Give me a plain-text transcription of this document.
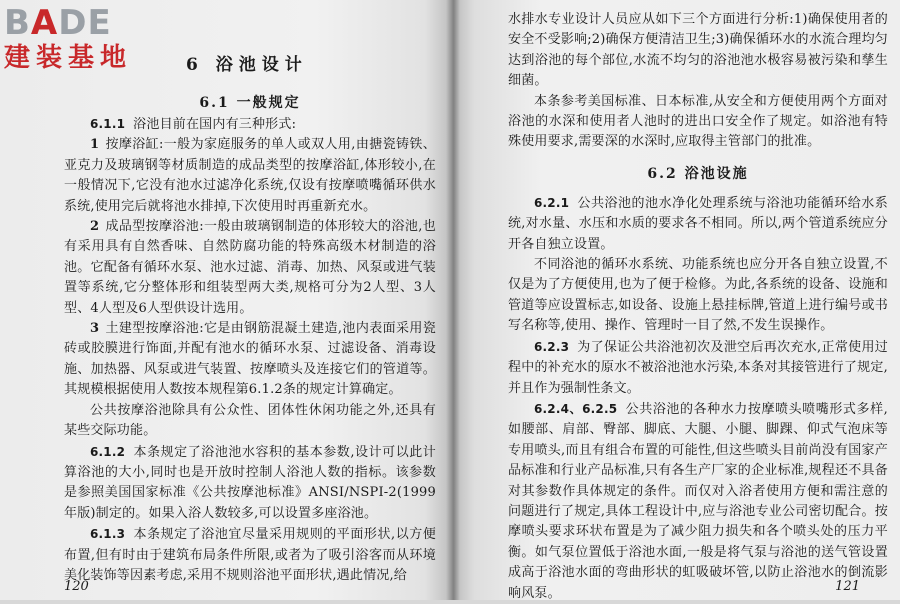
BADE
建装基地	6 浴池设计
6.1 一般规定

6.1.1 浴池目前在国内有三种形式:

1 按摩浴缸:一般为家庭服务的单人或双人用,由搪瓷铸铁、亚克力及玻璃钢等材质制造的成品类型的按摩浴缸,体形较小,在一般情况下,它没有池水过滤净化系统,仅设有按摩喷嘴循环供水系统,使用完后就将池水排掉,下次使用时再重新充水。

2 成品型按摩浴池:一般由玻璃钢制造的体形较大的浴池,也有采用具有自然香味、自然防腐功能的特殊高级木材制造的浴池。它配备有循环水泵、池水过滤、消毒、加热、风泵或进气装置等系统,它分整体形和组装型两大类,规格可分为2人型、3人型、4人型及6人型供设计选用。

3 土建型按摩浴池:它是由钢筋混凝土建造,池内表面采用瓷砖或胶膜进行饰面,并配有池水的循环水泵、过滤设备、消毒设施、加热器、风泵或进气装置、按摩喷头及连接它们的管道等。其规模根据使用人数按本规程第6.1.2条的规定计算确定。

公共按摩浴池除具有公众性、团体性休闲功能之外,还具有某些交际功能。

6.1.2 本条规定了浴池池水容积的基本参数,设计可以此计算浴池的大小,同时也是开放时控制人浴池人数的指标。该参数是参照美国国家标准《公共按摩池标准》ANSI/NSPI-2(1999年版)制定的。如果入浴人数较多,可以设置多座浴池。

6.1.3 本条规定了浴池宜尽量采用规则的平面形状,以方便布置,但有时由于建筑布局条件所限,或者为了吸引浴客而从环境美化装饰等因素考虑,采用不规则浴池平面形状,遇此情况,给

120

水排水专业设计人员应从如下三个方面进行分析:1)确保使用者的安全不受影响;2)确保方便清洁卫生;3)确保循环水的水流合理均匀达到浴池的每个部位,水流不均匀的浴池池水极容易被污染和孳生细菌。

本条参考美国标准、日本标准,从安全和方便使用两个方面对浴池的水深和使用者人池时的进出口安全作了规定。如浴池有特殊使用要求,需要深的水深时,应取得主管部门的批准。

6.2 浴池设施

6.2.1 公共浴池的池水净化处理系统与浴池功能循环给水系统,对水量、水压和水质的要求各不相同。所以,两个管道系统应分开各自独立设置。

不同浴池的循环水系统、功能系统也应分开各自独立设置,不仅是为了方便使用,也为了便于检修。为此,各系统的设备、设施和管道等应设置标志,如设备、设施上悬挂标牌,管道上进行编号或书写名称等,使用、操作、管理时一目了然,不发生误操作。

6.2.3 为了保证公共浴池初次及泄空后再次充水,正常使用过程中的补充水的原水不被浴池池水污染,本条对其接管进行了规定,并且作为强制性条文。

6.2.4、6.2.5 公共浴池的各种水力按摩喷头喷嘴形式多样,如腰部、肩部、臀部、脚底、大腿、小腿、脚踝、仰式气泡床等专用喷头,而且有组合布置的可能性,但这些喷头目前尚没有国家产品标准和行业产品标准,只有各生产厂家的企业标准,规程还不具备对其参数作具体规定的条件。而仅对入浴者使用方便和需注意的问题进行了规定,具体工程设计中,应与浴池专业公司密切配合。按摩喷头要求环状布置是为了减少阻力损失和各个喷头处的压力平衡。如气泵位置低于浴池水面,一般是将气泵与浴池的送气管设置成高于浴池水面的弯曲形状的虹吸破坏管,以防止浴池水的倒流影响风泵。	121
